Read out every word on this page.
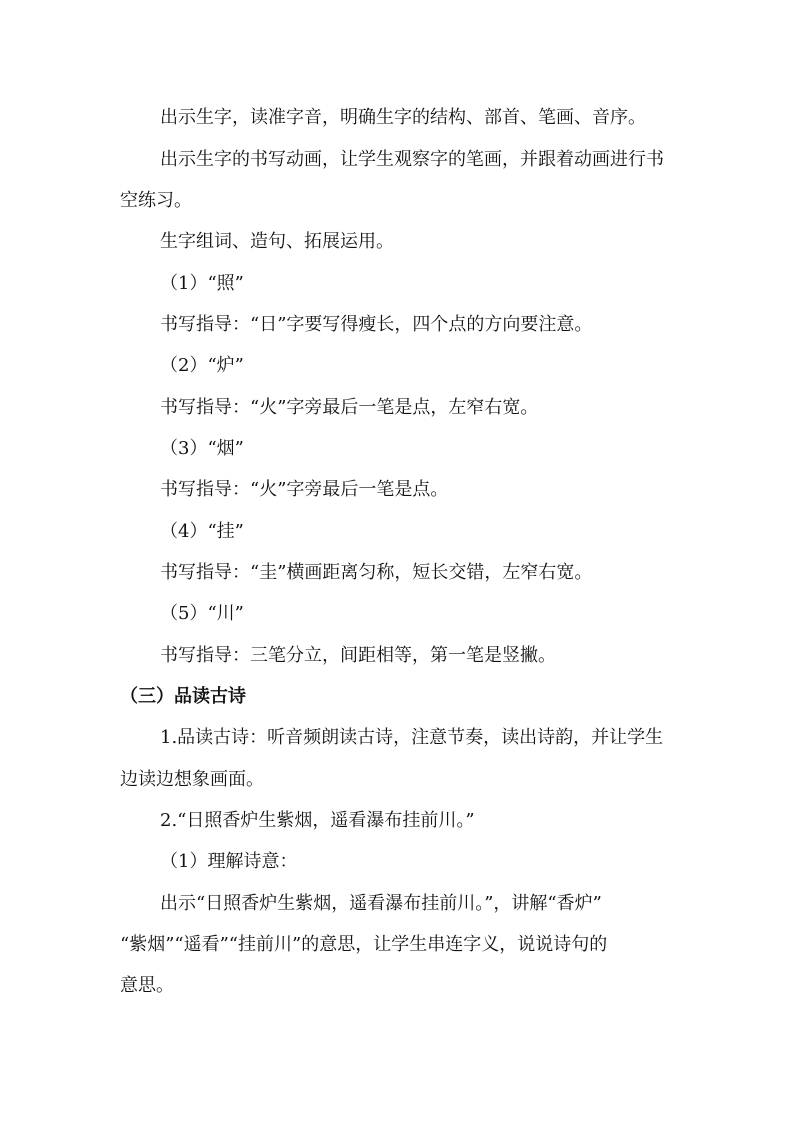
出示生字，读准字音，明确生字的结构、部首、笔画、音序。
出示生字的书写动画，让学生观察字的笔画，并跟着动画进行书
空练习。
生字组词、造句、拓展运用。
（1）“照”
书写指导：“日”字要写得瘦长，四个点的方向要注意。
（2）“炉”
书写指导：“火”字旁最后一笔是点，左窄右宽。
（3）“烟”
书写指导：“火”字旁最后一笔是点。
（4）“挂”
书写指导：“圭”横画距离匀称，短长交错，左窄右宽。
（5）“川”
书写指导：三笔分立，间距相等，第一笔是竖撇。
（三）品读古诗
1.品读古诗：听音频朗读古诗，注意节奏，读出诗韵，并让学生
边读边想象画面。
2.“日照香炉生紫烟，遥看瀑布挂前川。”
（1）理解诗意：
出示“日照香炉生紫烟，遥看瀑布挂前川。”，讲解“香炉”
“紫烟”“遥看”“挂前川”的意思，让学生串连字义，说说诗句的
意思。
